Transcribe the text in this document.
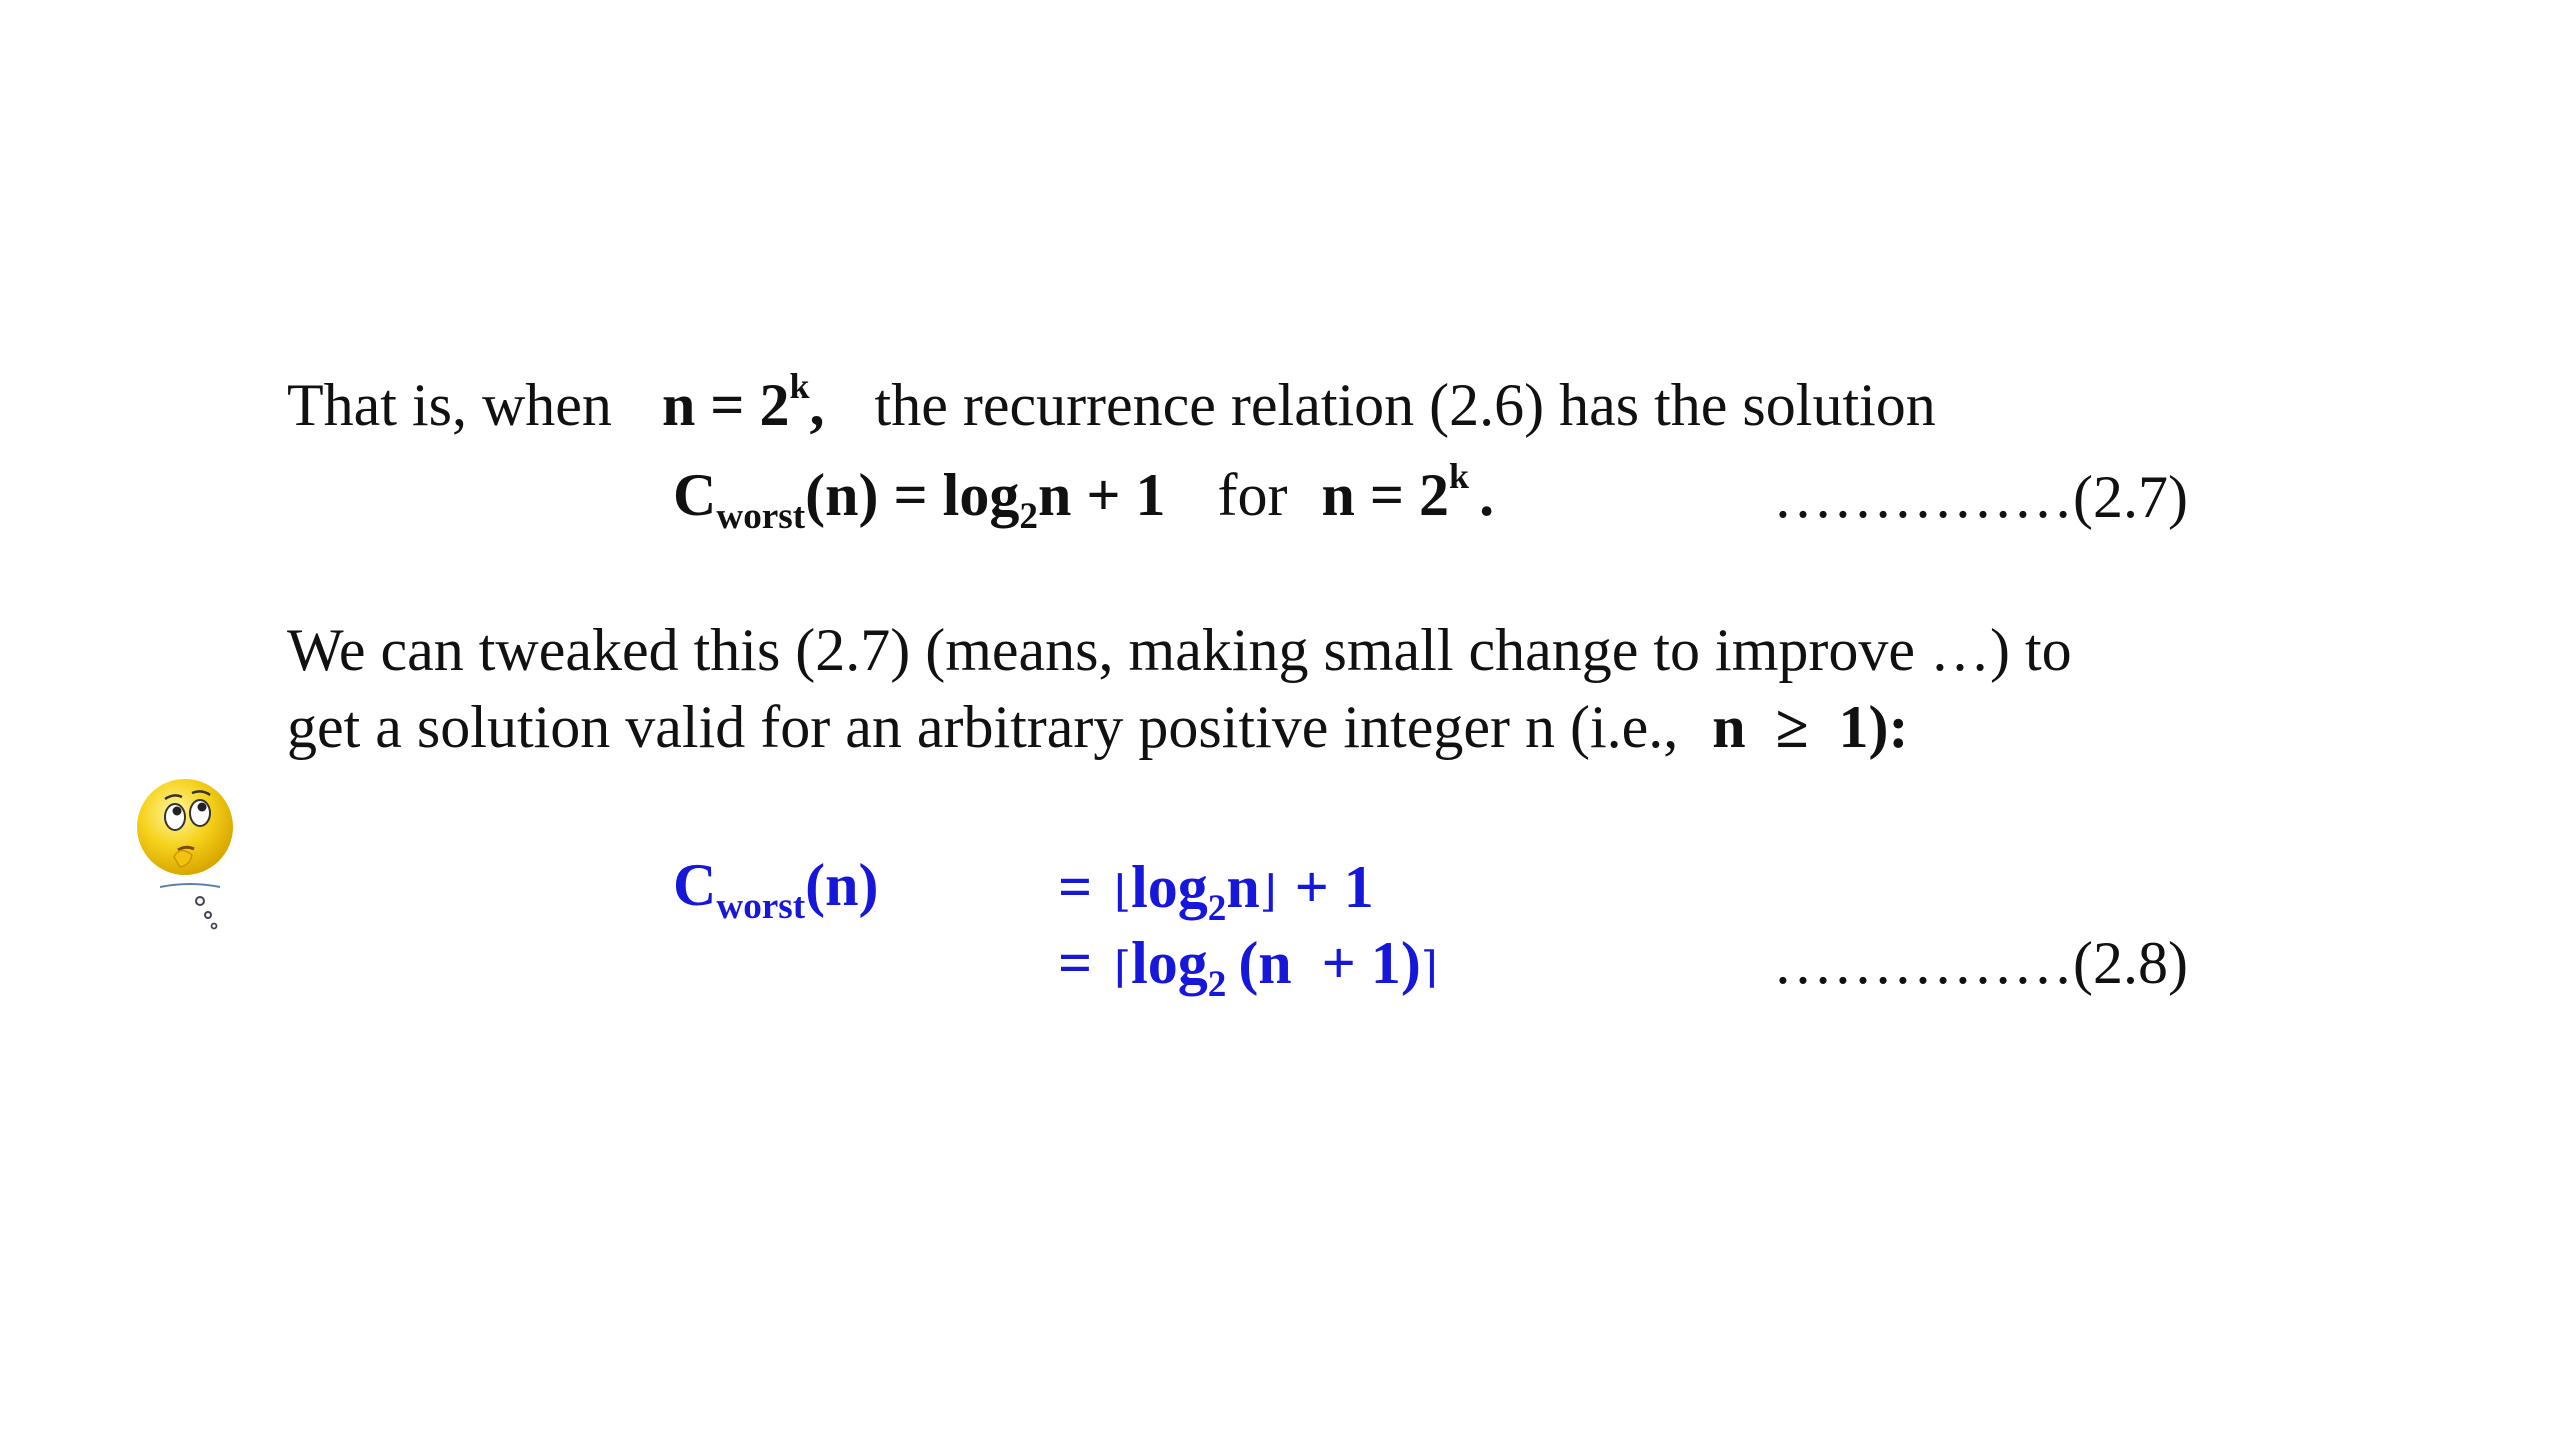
That is, when $n = 2^k$, the recurrence relation (2.6) has the solution
$C_{worst}(n) = \log_2n + 1$ for $n = 2^k$ .	……………(2.7)
We can tweaked this (2.7) (means, making small change to improve …) to
get a solution valid for an arbitrary positive integer n (i.e., n  ≥  1):
$C_{worst}(n)$	= $⌊\log_2n⌋ + 1$
= $⌈\log_2$ (n  + 1)⌉	……………(2.8)
